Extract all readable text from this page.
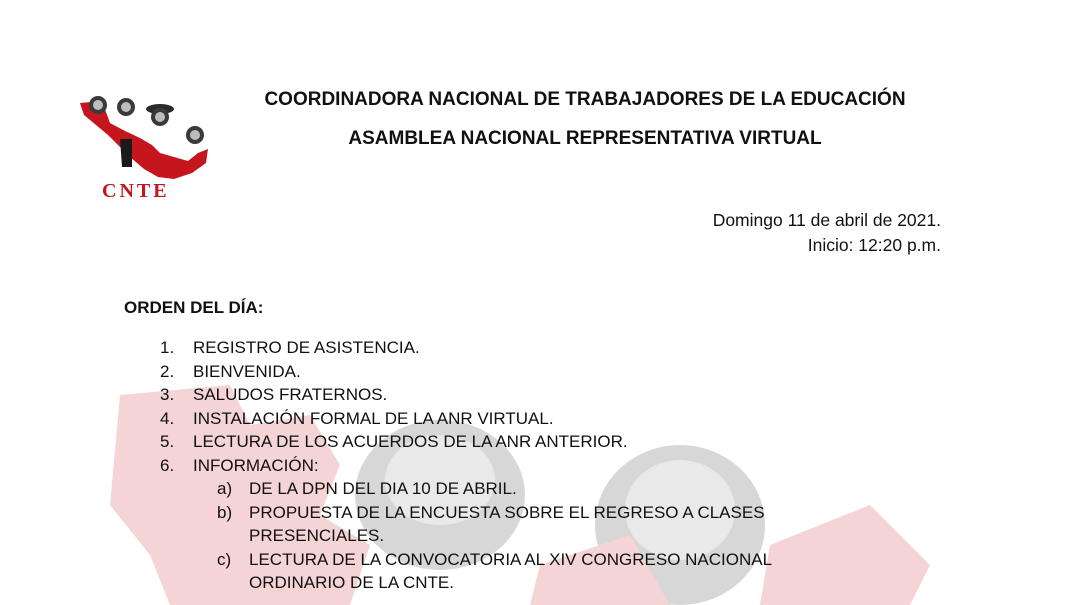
CNTE
COORDINADORA NACIONAL DE TRABAJADORES DE LA EDUCACIÓN
ASAMBLEA NACIONAL REPRESENTATIVA VIRTUAL
Domingo 11 de abril de 2021.
Inicio: 12:20 p.m.
ORDEN DEL DÍA:
1.	REGISTRO DE ASISTENCIA.
2.	BIENVENIDA.
3.	SALUDOS FRATERNOS.
4.	INSTALACIÓN FORMAL DE LA ANR VIRTUAL.
5.	LECTURA DE LOS ACUERDOS DE LA ANR ANTERIOR.
6.	INFORMACIÓN:
a) DE LA DPN DEL DIA 10 DE ABRIL.
b) PROPUESTA DE LA ENCUESTA SOBRE EL REGRESO A CLASES PRESENCIALES.
c)	LECTURA DE LA CONVOCATORIA AL XIV CONGRESO NACIONAL ORDINARIO DE LA CNTE.
